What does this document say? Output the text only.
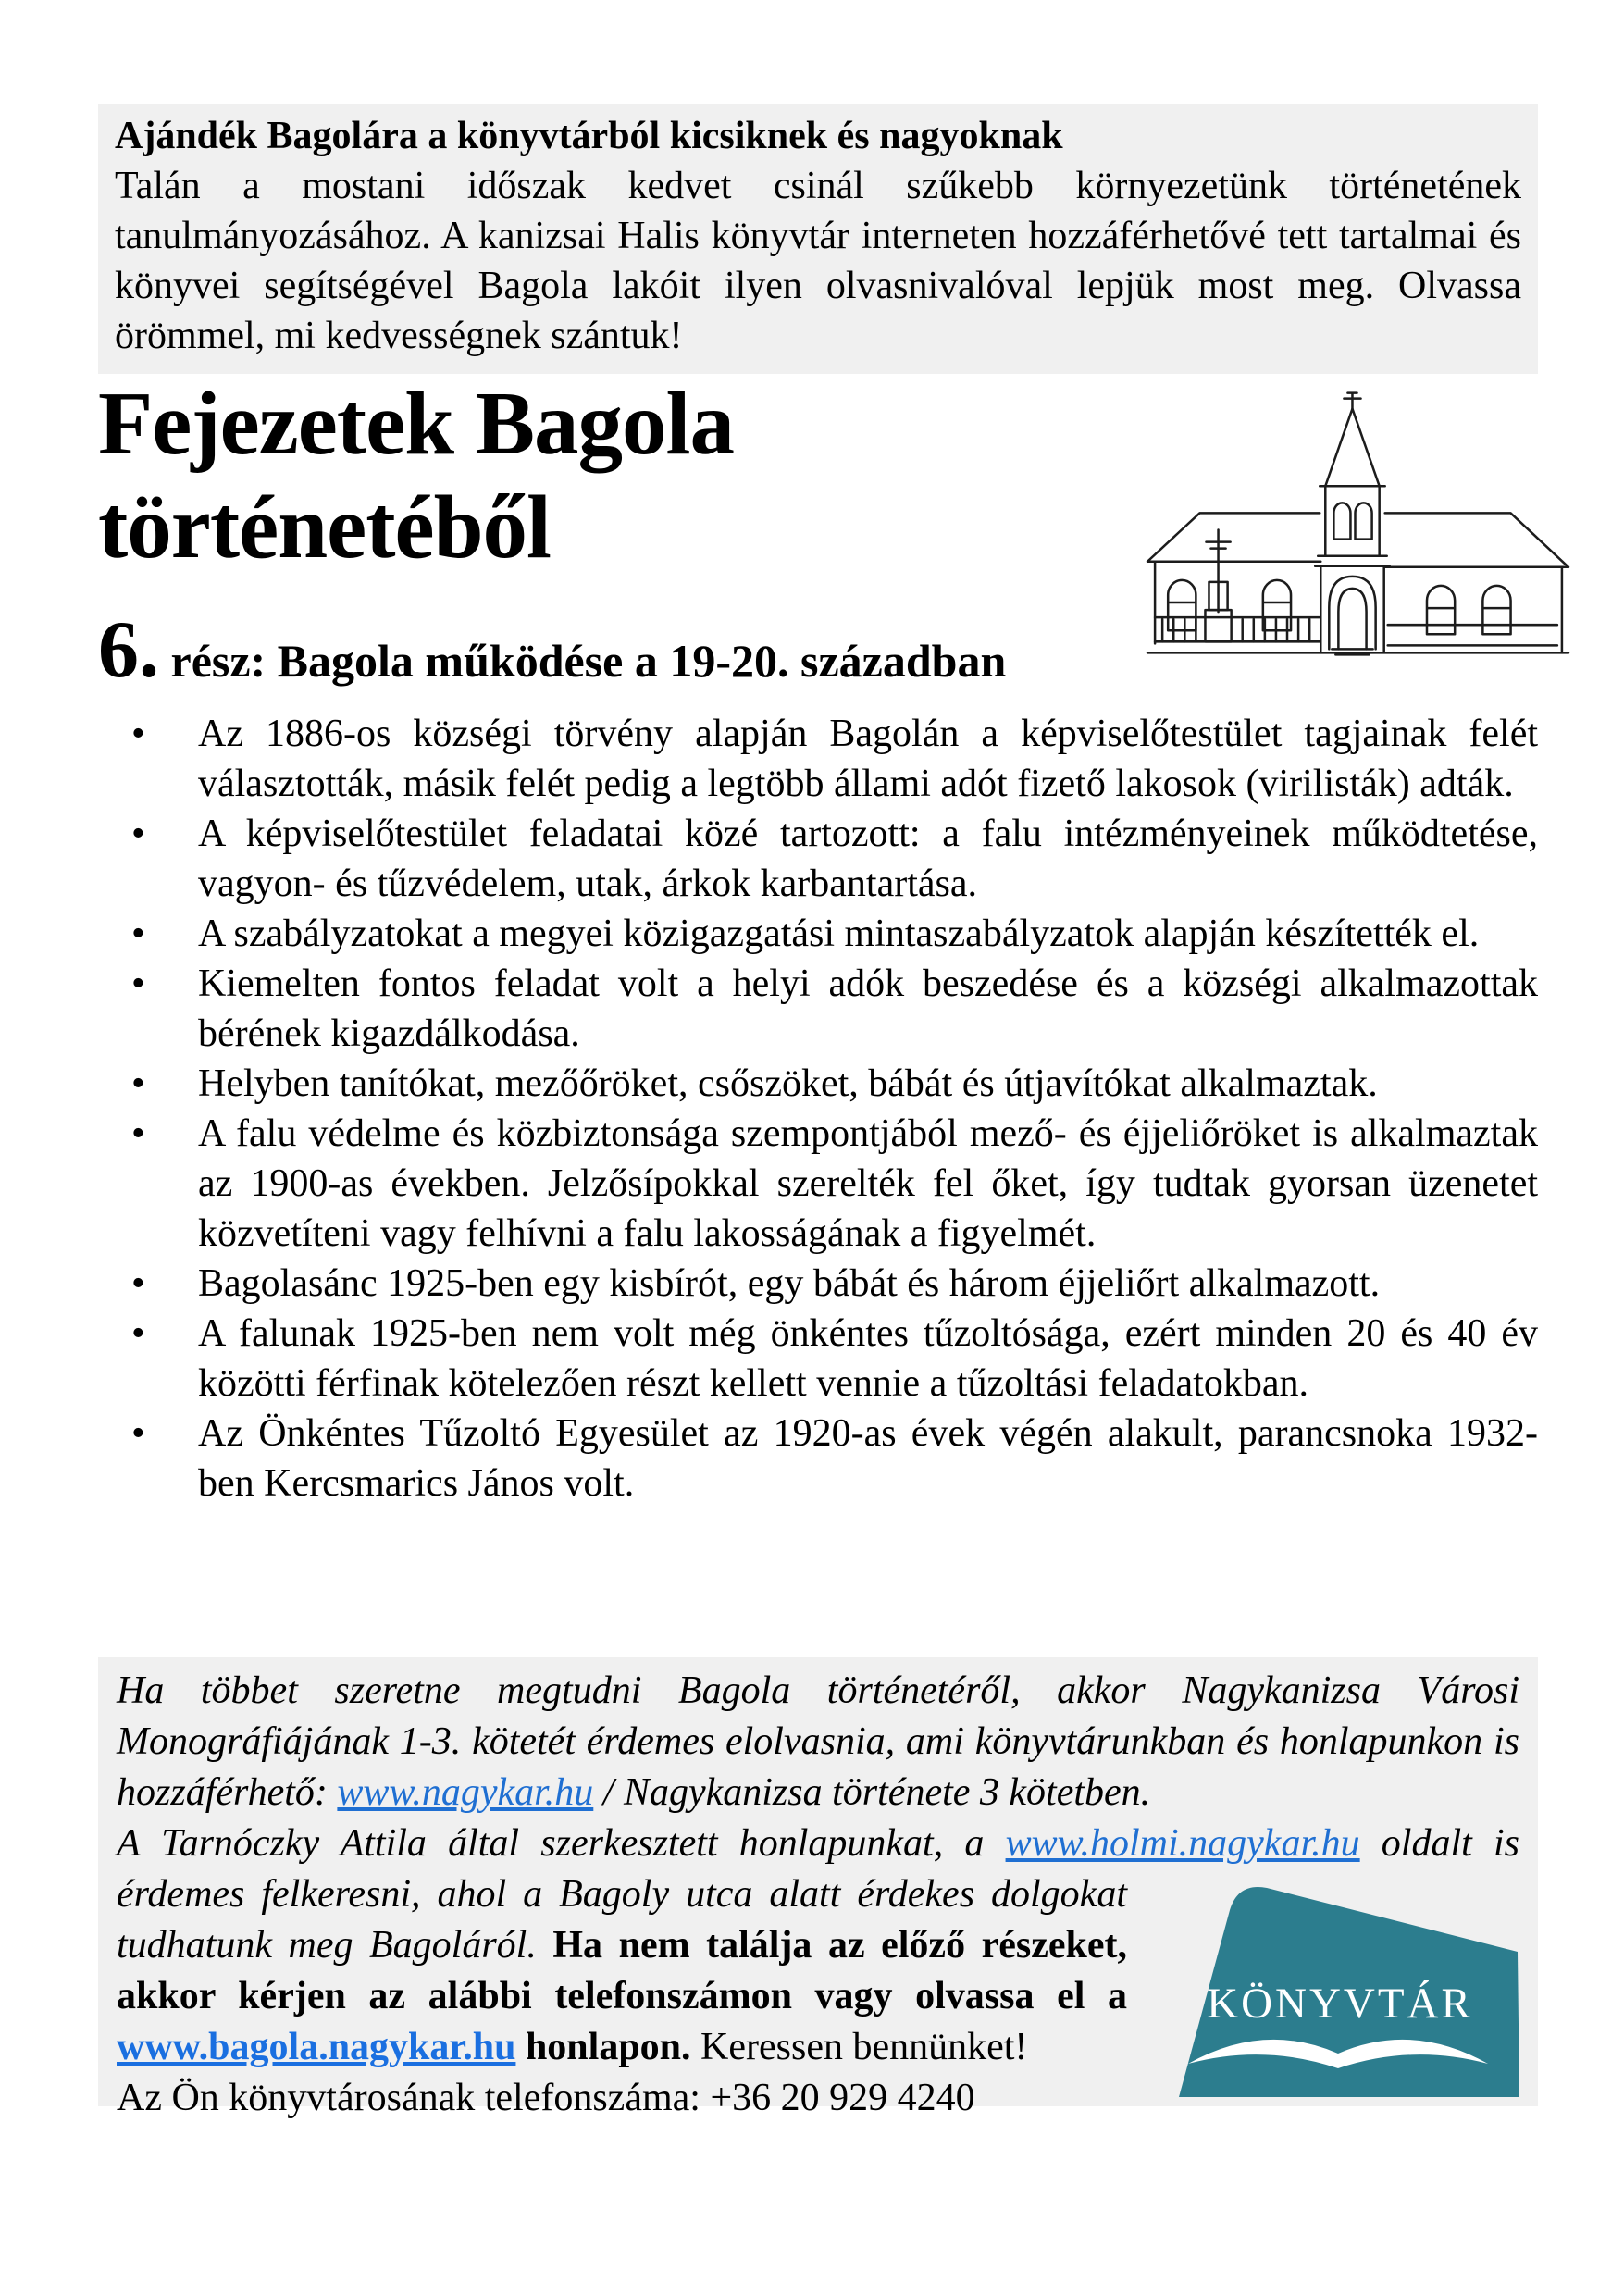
Ajándék Bagolára a könyvtárból kicsiknek és nagyoknak
Talán a mostani időszak kedvet csinál szűkebb környezetünk történetének tanulmányozásához. A kanizsai Halis könyvtár interneten hozzáférhetővé tett tartalmai és könyvei segítségével Bagola lakóit ilyen olvasnivalóval lepjük most meg. Olvassa örömmel, mi kedvességnek szántuk!
Fejezetek Bagola
történetéből
6. rész: Bagola működése a 19-20. században
• Az 1886-os községi törvény alapján Bagolán a képviselőtestület tagjainak felét választották, másik felét pedig a legtöbb állami adót fizető lakosok (virilisták) adták.
• A képviselőtestület feladatai közé tartozott: a falu intézményeinek működtetése, vagyon- és tűzvédelem, utak, árkok karbantartása.
• A szabályzatokat a megyei közigazgatási mintaszabályzatok alapján készítették el.
• Kiemelten fontos feladat volt a helyi adók beszedése és a községi alkalmazottak bérének kigazdálkodása.
• Helyben tanítókat, mezőőröket, csőszöket, bábát és útjavítókat alkalmaztak.
• A falu védelme és közbiztonsága szempontjából mező- és éjjeliőröket is alkalmaztak az 1900-as években. Jelzősípokkal szerelték fel őket, így tudtak gyorsan üzenetet közvetíteni vagy felhívni a falu lakosságának a figyelmét.
• Bagolasánc 1925-ben egy kisbírót, egy bábát és három éjjeliőrt alkalmazott.
• A falunak 1925-ben nem volt még önkéntes tűzoltósága, ezért minden 20 és 40 év közötti férfinak kötelezően részt kellett vennie a tűzoltási feladatokban.
• Az Önkéntes Tűzoltó Egyesület az 1920-as évek végén alakult, parancsnoka 1932-ben Kercsmarics János volt.
KÖNYVTÁR

Ha többet szeretne megtudni Bagola történetéről, akkor Nagykanizsa Városi Monográfiájának 1-3. kötetét érdemes elolvasnia, ami könyvtárunkban és honlapunkon is hozzáférhető: www.nagykar.hu / Nagykanizsa története 3 kötetben.

A Tarnóczky Attila által szerkesztett honlapunkat, a www.holmi.nagykar.hu oldalt is érdemes felkeresni, ahol a Bagoly utca alatt érdekes dolgokat tudhatunk meg Bagoláról. Ha nem találja az előző részeket, akkor kérjen az alábbi telefonszámon vagy olvassa el a www.bagola.nagykar.hu honlapon. Keressen bennünket!

Az Ön könyvtárosának telefonszáma: +36 20 929 4240
